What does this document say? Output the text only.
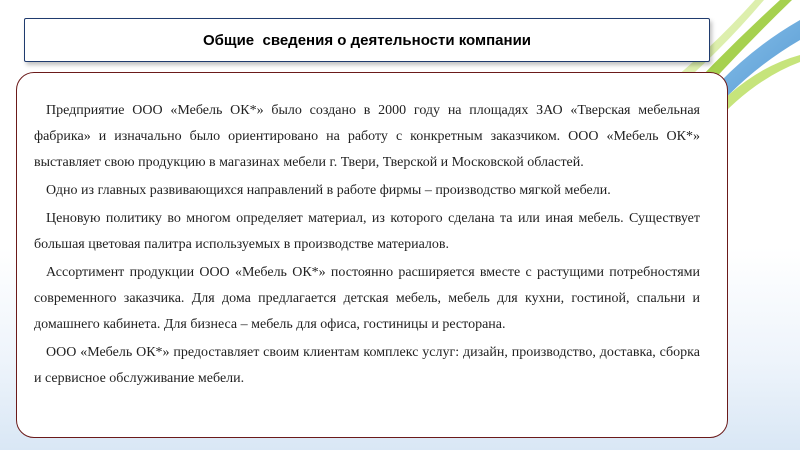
Общие  сведения о деятельности компании

Предприятие ООО «Мебель ОК*» было создано в 2000 году на площадях ЗАО «Тверская мебельная фабрика» и изначально было ориентировано на работу с конкретным заказчиком. ООО «Мебель ОК*» выставляет свою продукцию в магазинах мебели г. Твери, Тверской и Московской областей.

Одно из главных развивающихся направлений в работе фирмы – производство мягкой мебели.

Ценовую политику во многом определяет материал, из которого сделана та или иная мебель. Существует большая цветовая палитра используемых в производстве материалов.

Ассортимент продукции ООО «Мебель ОК*» постоянно расширяется вместе с растущими потребностями современного заказчика. Для дома предлагается детская мебель, мебель для кухни, гостиной, спальни и домашнего кабинета. Для бизнеса – мебель для офиса, гостиницы и ресторана.

ООО «Мебель ОК*» предоставляет своим клиентам комплекс услуг: дизайн, производство, доставка, сборка и сервисное обслуживание мебели.
